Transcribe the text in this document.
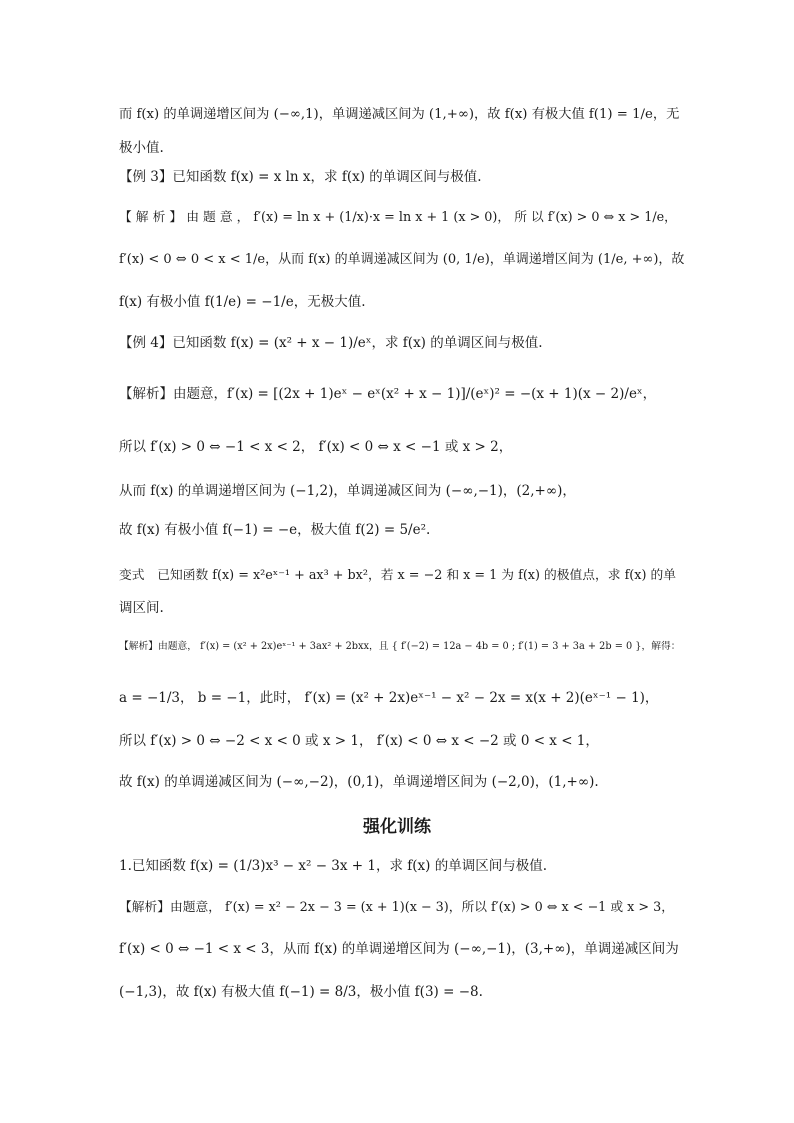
而 f(x) 的单调递增区间为 (−∞,1)，单调递减区间为 (1,+∞)，故 f(x) 有极大值 f(1) = 1/e，无
极小值.
【例 3】已知函数 f(x) = x ln x，求 f(x) 的单调区间与极值.
【 解 析 】 由 题 意 ， f′(x) = ln x + (1/x)·x = ln x + 1 (x > 0)， 所 以 f′(x) > 0 ⇔ x > 1/e，
f′(x) < 0 ⇔ 0 < x < 1/e，从而 f(x) 的单调递减区间为 (0, 1/e)，单调递增区间为 (1/e, +∞)，故
f(x) 有极小值 f(1/e) = −1/e，无极大值.
【例 4】已知函数 f(x) = (x² + x − 1)/eˣ，求 f(x) 的单调区间与极值.
【解析】由题意，f′(x) = [(2x + 1)eˣ − eˣ(x² + x − 1)]/(eˣ)² = −(x + 1)(x − 2)/eˣ，
所以 f′(x) > 0 ⇔ −1 < x < 2， f′(x) < 0 ⇔ x < −1 或 x > 2，
从而 f(x) 的单调递增区间为 (−1,2)，单调递减区间为 (−∞,−1)，(2,+∞)，
故 f(x) 有极小值 f(−1) = −e，极大值 f(2) = 5/e².
变式　已知函数 f(x) = x²eˣ⁻¹ + ax³ + bx²，若 x = −2 和 x = 1 为 f(x) 的极值点，求 f(x) 的单
调区间.
【解析】由题意， f′(x) = (x² + 2x)eˣ⁻¹ + 3ax² + 2bxx，且 { f′(−2) = 12a − 4b = 0 ; f′(1) = 3 + 3a + 2b = 0 }，解得：
a = −1/3， b = −1，此时， f′(x) = (x² + 2x)eˣ⁻¹ − x² − 2x = x(x + 2)(eˣ⁻¹ − 1)，
所以 f′(x) > 0 ⇔ −2 < x < 0 或 x > 1， f′(x) < 0 ⇔ x < −2 或 0 < x < 1，
故 f(x) 的单调递减区间为 (−∞,−2)，(0,1)，单调递增区间为 (−2,0)，(1,+∞).
强化训练
1.已知函数 f(x) = (1/3)x³ − x² − 3x + 1，求 f(x) 的单调区间与极值.
【解析】由题意， f′(x) = x² − 2x − 3 = (x + 1)(x − 3)，所以 f′(x) > 0 ⇔ x < −1 或 x > 3，
f′(x) < 0 ⇔ −1 < x < 3，从而 f(x) 的单调递增区间为 (−∞,−1)，(3,+∞)，单调递减区间为
(−1,3)，故 f(x) 有极大值 f(−1) = 8/3，极小值 f(3) = −8.
